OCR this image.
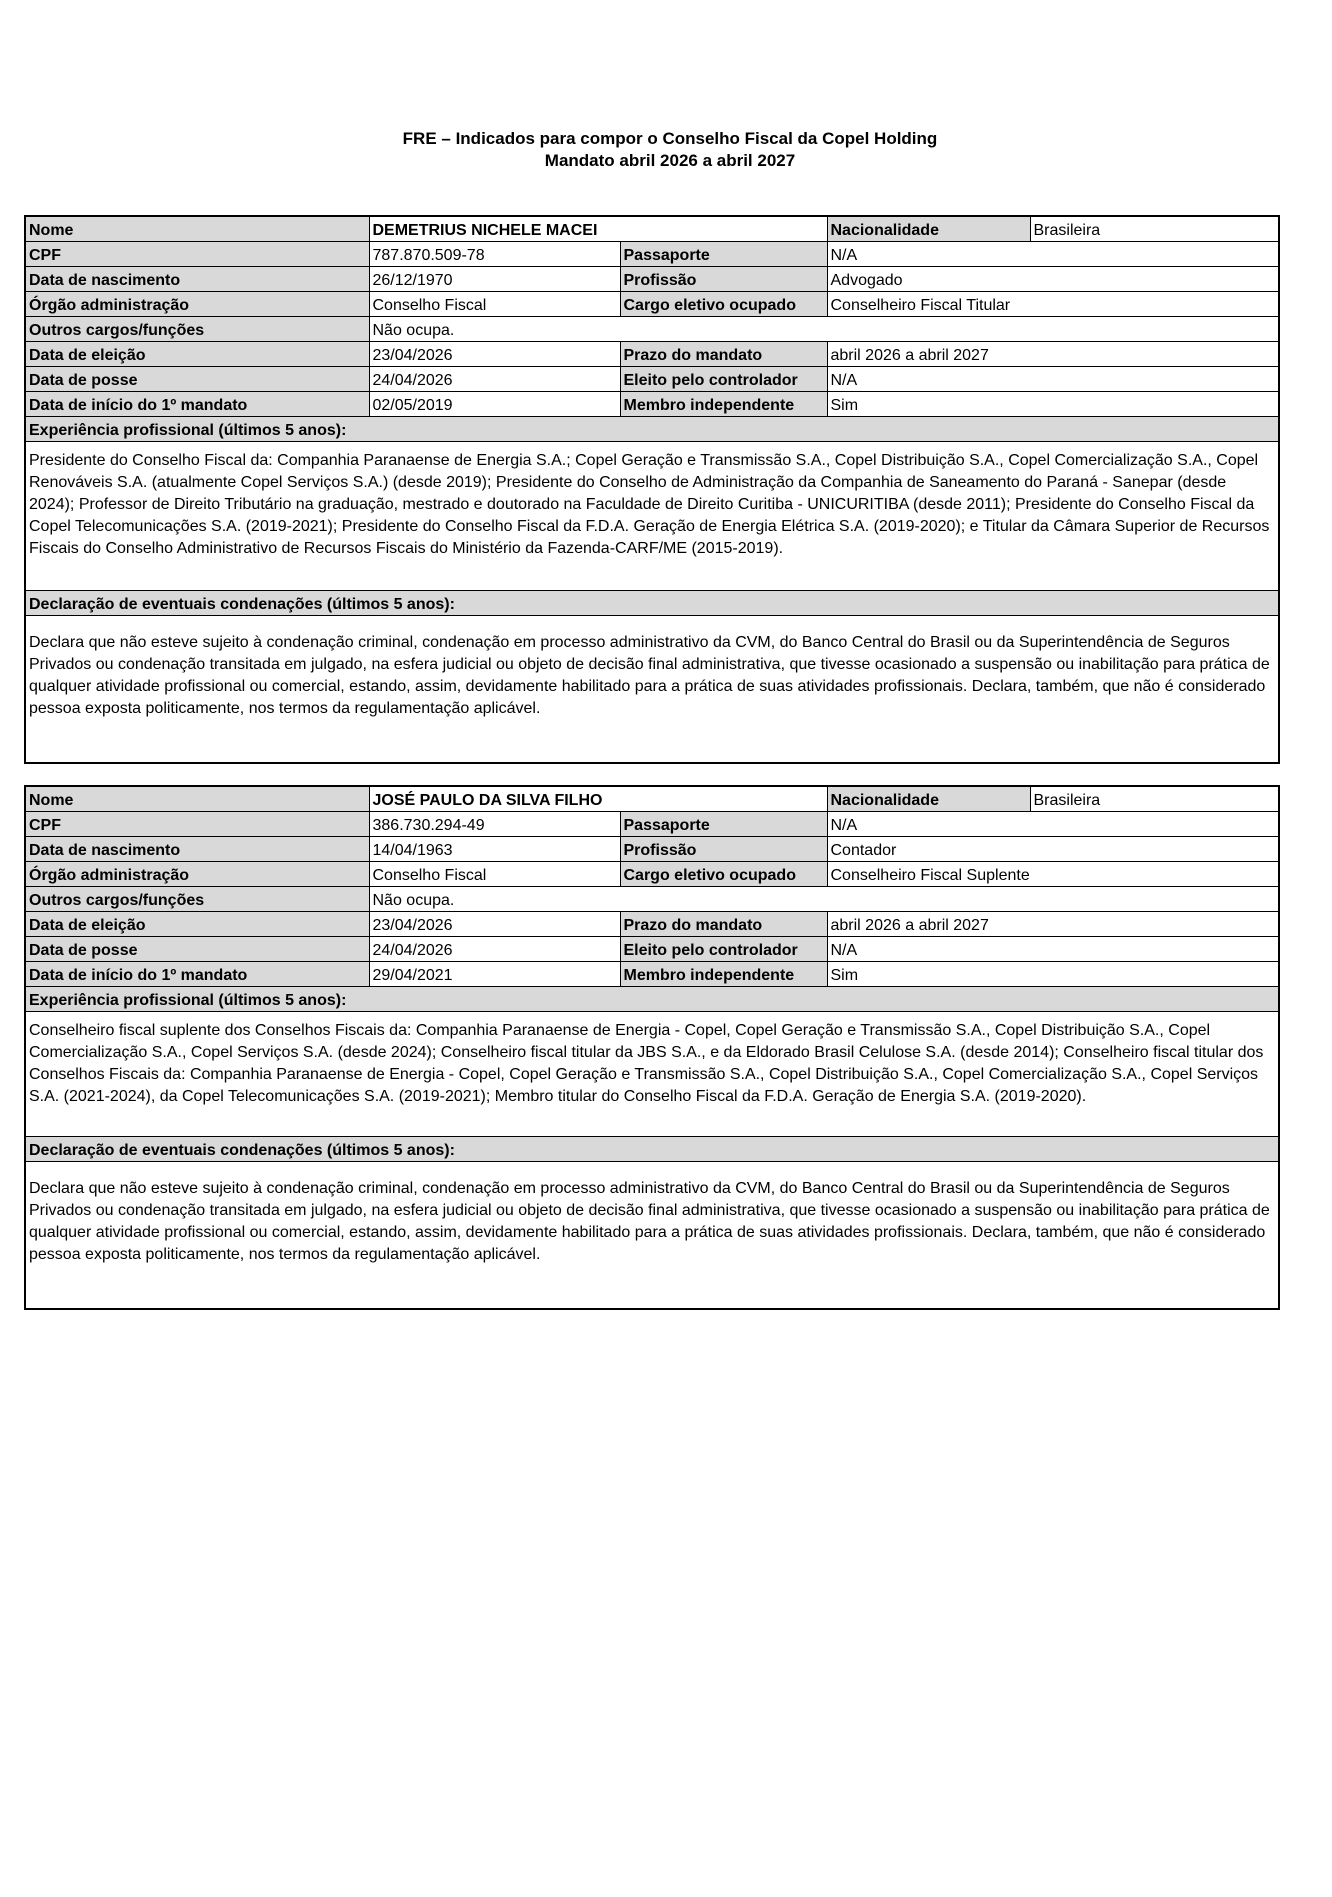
FRE – Indicados para compor o Conselho Fiscal da Copel Holding
Mandato abril 2026 a abril 2027
Nome	DEMETRIUS NICHELE MACEI		Nacionalidade	Brasileira
CPF	787.870.509-78	Passaporte	N/A	
Data de nascimento	26/12/1970	Profissão	Advogado	
Órgão administração	Conselho Fiscal	Cargo eletivo ocupado	Conselheiro Fiscal Titular	
Outros cargos/funções	Não ocupa.			
Data de eleição	23/04/2026	Prazo do mandato	abril 2026 a abril 2027	
Data de posse	24/04/2026	Eleito pelo controlador	N/A	
Data de início do 1º mandato	02/05/2019	Membro independente	Sim	
Experiência profissional (últimos 5 anos):				
Presidente do Conselho Fiscal da: Companhia Paranaense de Energia S.A.; Copel Geração e Transmissão S.A., Copel Distribuição S.A., Copel Comercialização S.A., Copel Renováveis S.A. (atualmente Copel Serviços S.A.) (desde 2019); Presidente do Conselho de Administração da Companhia de Saneamento do Paraná - Sanepar (desde 2024); Professor de Direito Tributário na graduação, mestrado e doutorado na Faculdade de Direito Curitiba - UNICURITIBA (desde 2011); Presidente do Conselho Fiscal da Copel Telecomunicações S.A. (2019-2021); Presidente do Conselho Fiscal da F.D.A. Geração de Energia Elétrica S.A. (2019-2020); e Titular da Câmara Superior de Recursos Fiscais do Conselho Administrativo de Recursos Fiscais do Ministério da Fazenda-CARF/ME (2015-2019).				
Declaração de eventuais condenações (últimos 5 anos):				
Declara que não esteve sujeito à condenação criminal, condenação em processo administrativo da CVM, do Banco Central do Brasil ou da Superintendência de Seguros Privados ou condenação transitada em julgado, na esfera judicial ou objeto de decisão final administrativa, que tivesse ocasionado a suspensão ou inabilitação para prática de qualquer atividade profissional ou comercial, estando, assim, devidamente habilitado para a prática de suas atividades profissionais. Declara, também, que não é considerado pessoa exposta politicamente, nos termos da regulamentação aplicável.				
Nome	JOSÉ PAULO DA SILVA FILHO		Nacionalidade	Brasileira
CPF	386.730.294-49	Passaporte	N/A	
Data de nascimento	14/04/1963	Profissão	Contador	
Órgão administração	Conselho Fiscal	Cargo eletivo ocupado	Conselheiro Fiscal Suplente	
Outros cargos/funções	Não ocupa.			
Data de eleição	23/04/2026	Prazo do mandato	abril 2026 a abril 2027	
Data de posse	24/04/2026	Eleito pelo controlador	N/A	
Data de início do 1º mandato	29/04/2021	Membro independente	Sim	
Experiência profissional (últimos 5 anos):				
Conselheiro fiscal suplente dos Conselhos Fiscais da: Companhia Paranaense de Energia - Copel, Copel Geração e Transmissão S.A., Copel Distribuição S.A., Copel Comercialização S.A., Copel Serviços S.A. (desde 2024); Conselheiro fiscal titular da JBS S.A., e da Eldorado Brasil Celulose S.A. (desde 2014); Conselheiro fiscal titular dos Conselhos Fiscais da: Companhia Paranaense de Energia - Copel, Copel Geração e Transmissão S.A., Copel Distribuição S.A., Copel Comercialização S.A., Copel Serviços S.A. (2021-2024), da Copel Telecomunicações S.A. (2019-2021); Membro titular do Conselho Fiscal da F.D.A. Geração de Energia S.A. (2019-2020).				
Declaração de eventuais condenações (últimos 5 anos):				
Declara que não esteve sujeito à condenação criminal, condenação em processo administrativo da CVM, do Banco Central do Brasil ou da Superintendência de Seguros Privados ou condenação transitada em julgado, na esfera judicial ou objeto de decisão final administrativa, que tivesse ocasionado a suspensão ou inabilitação para prática de qualquer atividade profissional ou comercial, estando, assim, devidamente habilitado para a prática de suas atividades profissionais. Declara, também, que não é considerado pessoa exposta politicamente, nos termos da regulamentação aplicável.				
